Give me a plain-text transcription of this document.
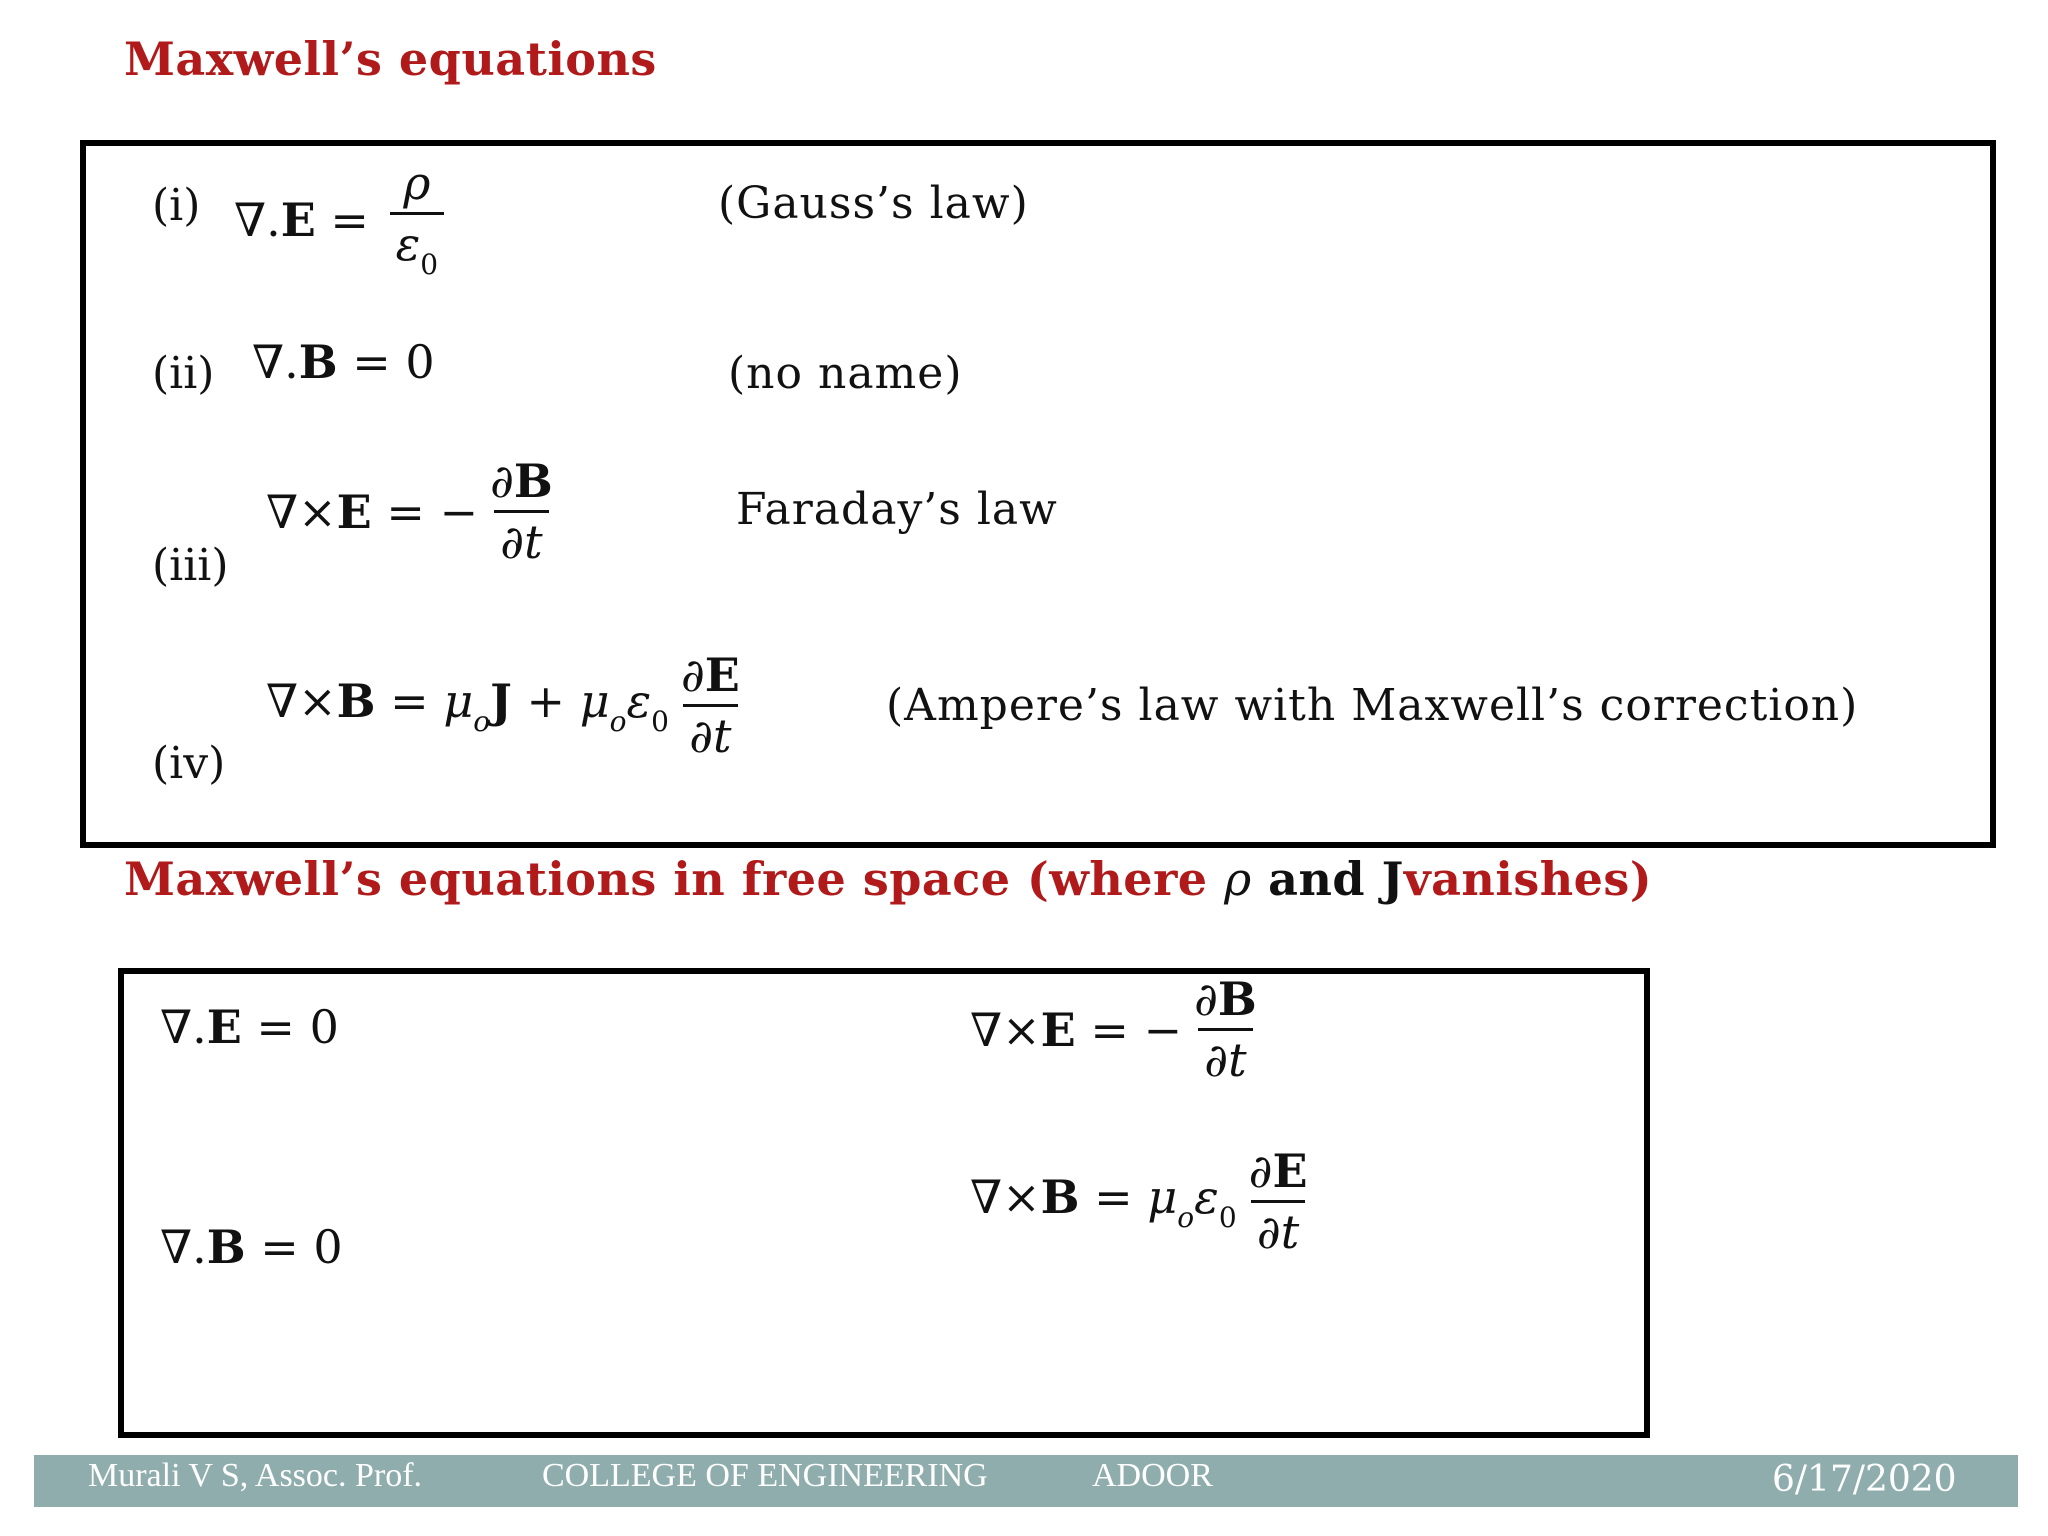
Maxwell’s equations
(i) $\nabla.E = \frac{\rho}{\varepsilon_0}$	(Gauss’s law)
(ii) ∇.B = 0	(no name)
(iii)
∇×E = − $\frac{\partial B}{\partial t}$	Faraday’s law
(iv)
$\nabla\times B = \mu_oJ + \mu_o\varepsilon_0 \frac{\partial E}{\partial t}$	(Ampere’s law with Maxwell’s correction)
Maxwell’s equations in free space (where ρ and Jvanishes)
∇.E = 0
∇.B = 0
∇×E = − $\frac{\partial B}{\partial t}$
$\nabla\times B = \mu_o\varepsilon_0 \frac{\partial E}{\partial t}$
Murali V S, Assoc. Prof.	COLLEGE OF ENGINEERING	ADOOR	6/17/2020
